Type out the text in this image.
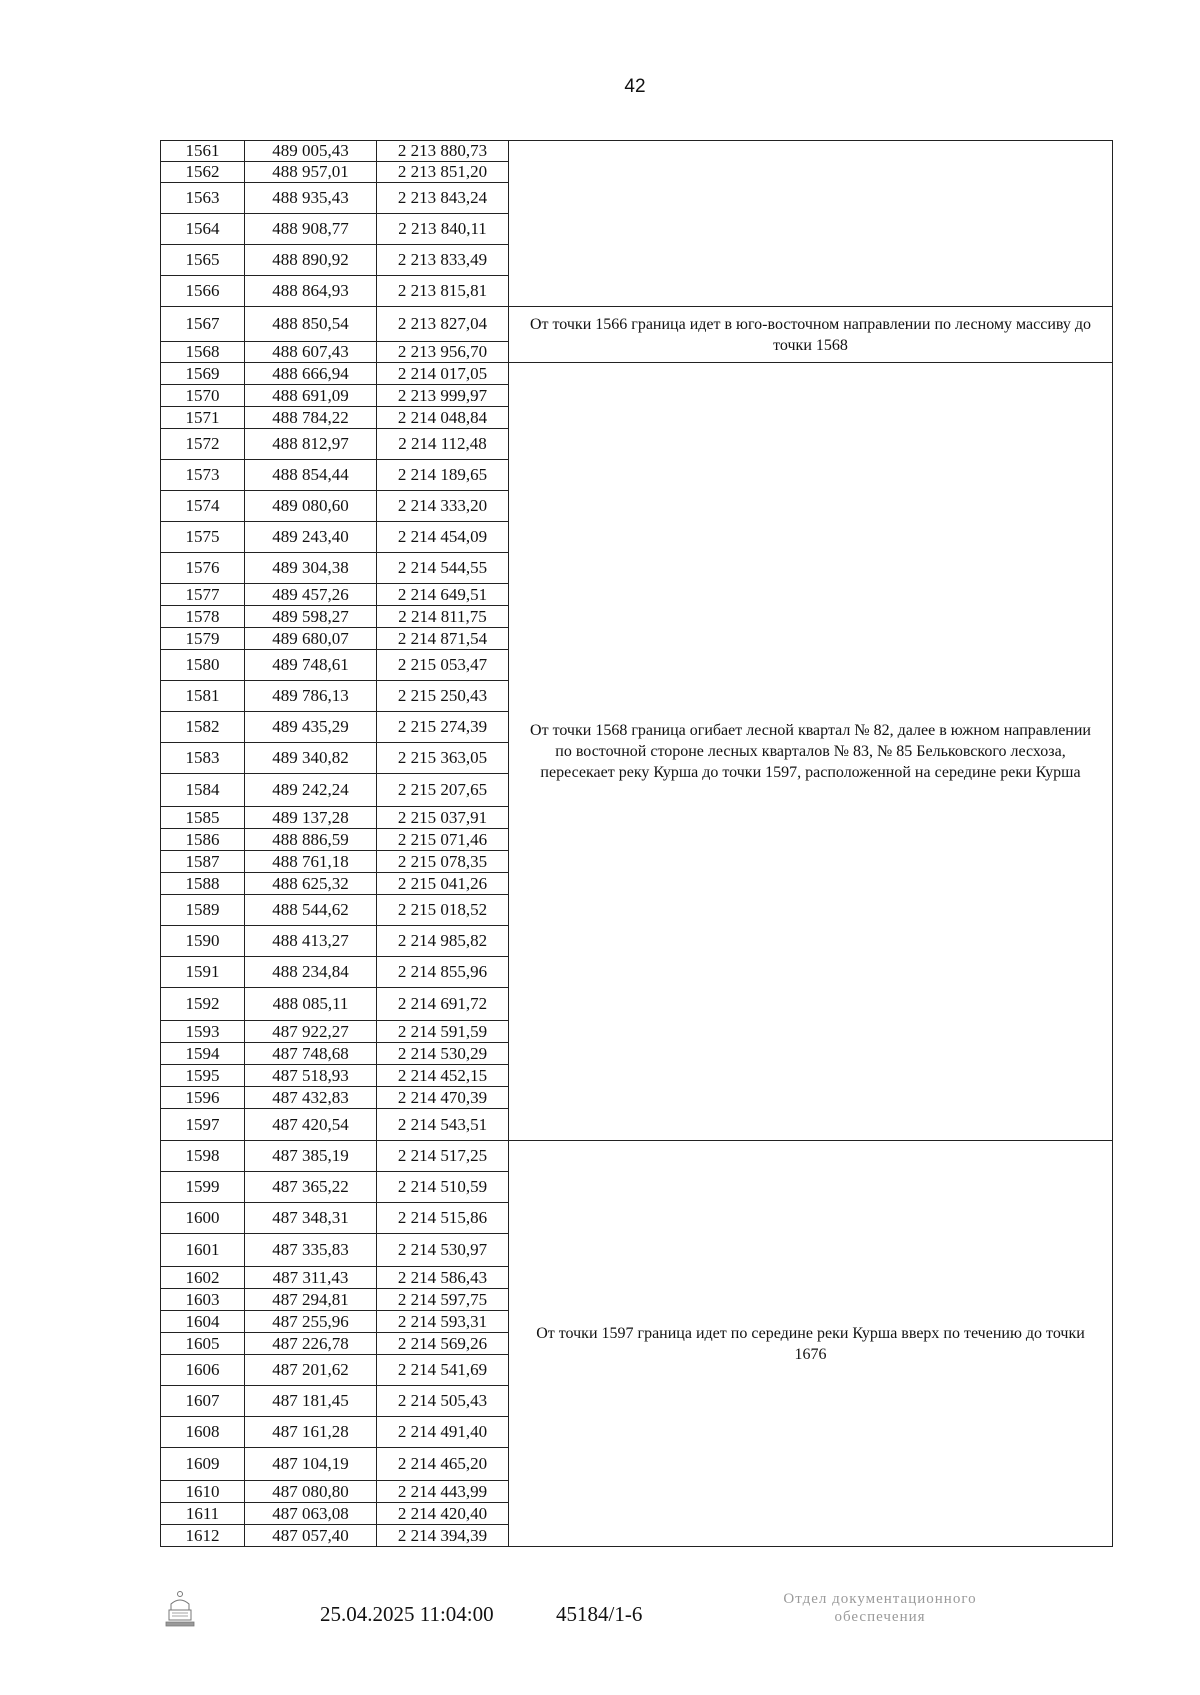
42
1561	489 005,43	2 213 880,73	
1562	488 957,01	2 213 851,20	
1563	488 935,43	2 213 843,24	
1564	488 908,77	2 213 840,11	
1565	488 890,92	2 213 833,49	
1566	488 864,93	2 213 815,81	
1567	488 850,54	2 213 827,04	От точки 1566 граница идет в юго-восточном направлении по лесному массиву до точки 1568
1568	488 607,43	2 213 956,70	
1569	488 666,94	2 214 017,05	От точки 1568 граница огибает лесной квартал № 82, далее в южном направлении по восточной стороне лесных кварталов № 83, № 85 Бельковского лесхоза, пересекает реку Курша до точки 1597, расположенной на середине реки Курша
1570	488 691,09	2 213 999,97	
1571	488 784,22	2 214 048,84	
1572	488 812,97	2 214 112,48	
1573	488 854,44	2 214 189,65	
1574	489 080,60	2 214 333,20	
1575	489 243,40	2 214 454,09	
1576	489 304,38	2 214 544,55	
1577	489 457,26	2 214 649,51	
1578	489 598,27	2 214 811,75	
1579	489 680,07	2 214 871,54	
1580	489 748,61	2 215 053,47	
1581	489 786,13	2 215 250,43	
1582	489 435,29	2 215 274,39	
1583	489 340,82	2 215 363,05	
1584	489 242,24	2 215 207,65	
1585	489 137,28	2 215 037,91	
1586	488 886,59	2 215 071,46	
1587	488 761,18	2 215 078,35	
1588	488 625,32	2 215 041,26	
1589	488 544,62	2 215 018,52	
1590	488 413,27	2 214 985,82	
1591	488 234,84	2 214 855,96	
1592	488 085,11	2 214 691,72	
1593	487 922,27	2 214 591,59	
1594	487 748,68	2 214 530,29	
1595	487 518,93	2 214 452,15	
1596	487 432,83	2 214 470,39	
1597	487 420,54	2 214 543,51	
1598	487 385,19	2 214 517,25	От точки 1597 граница идет по середине реки Курша вверх по течению до точки 1676
1599	487 365,22	2 214 510,59	
1600	487 348,31	2 214 515,86	
1601	487 335,83	2 214 530,97	
1602	487 311,43	2 214 586,43	
1603	487 294,81	2 214 597,75	
1604	487 255,96	2 214 593,31	
1605	487 226,78	2 214 569,26	
1606	487 201,62	2 214 541,69	
1607	487 181,45	2 214 505,43	
1608	487 161,28	2 214 491,40	
1609	487 104,19	2 214 465,20	
1610	487 080,80	2 214 443,99	
1611	487 063,08	2 214 420,40	
1612	487 057,40	2 214 394,39	
25.04.2025 11:04:00	45184/1-6
Отдел документационного
обеспечения
